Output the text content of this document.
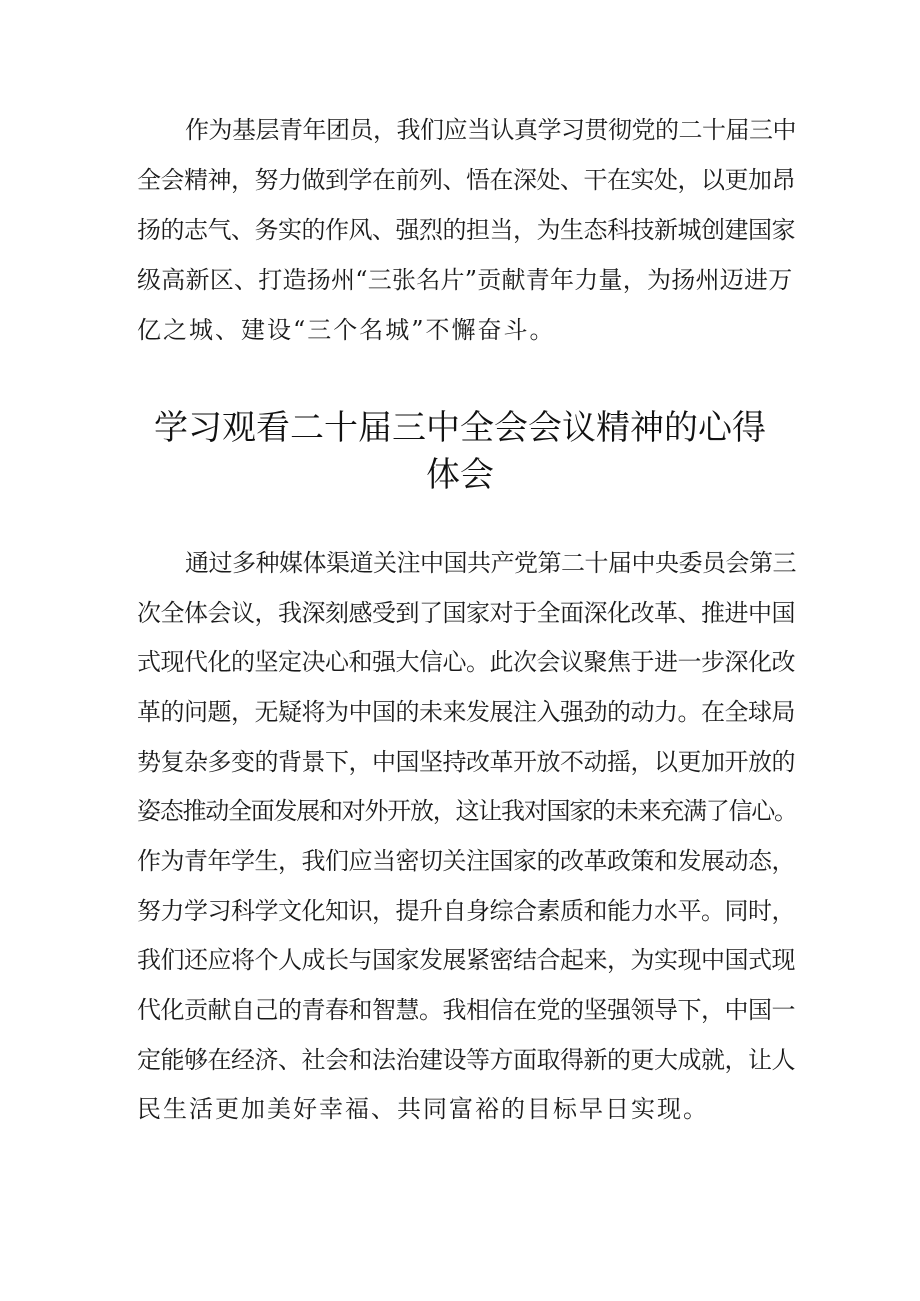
作为基层青年团员，我们应当认真学习贯彻党的二十届三中

全会精神，努力做到学在前列、悟在深处、干在实处，以更加昂

扬的志气、务实的作风、强烈的担当，为生态科技新城创建国家

级高新区、打造扬州“三张名片”贡献青年力量，为扬州迈进万

亿之城、建设“三个名城”不懈奋斗。

学习观看二十届三中全会会议精神的心得
体会

通过多种媒体渠道关注中国共产党第二十届中央委员会第三

次全体会议，我深刻感受到了国家对于全面深化改革、推进中国

式现代化的坚定决心和强大信心。此次会议聚焦于进一步深化改

革的问题，无疑将为中国的未来发展注入强劲的动力。在全球局

势复杂多变的背景下，中国坚持改革开放不动摇，以更加开放的

姿态推动全面发展和对外开放，这让我对国家的未来充满了信心。

作为青年学生，我们应当密切关注国家的改革政策和发展动态，

努力学习科学文化知识，提升自身综合素质和能力水平。同时，

我们还应将个人成长与国家发展紧密结合起来，为实现中国式现

代化贡献自己的青春和智慧。我相信在党的坚强领导下，中国一

定能够在经济、社会和法治建设等方面取得新的更大成就，让人

民生活更加美好幸福、共同富裕的目标早日实现。
